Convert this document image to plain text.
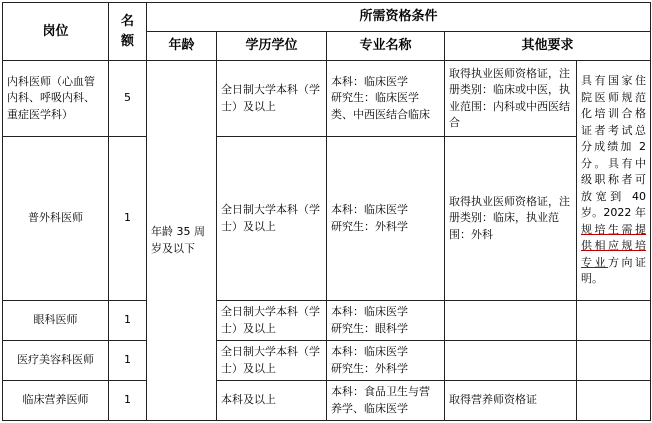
岗位	名额	所需资格条件				
		年龄	学历学位	专业名称	其他要求	
内科医师（心血管内科、呼吸内科、重症医学科）	5	年龄 35 周岁及以下	全日制大学本科（学士）及以上	本科：临床医学
研究生：临床医学类、中西医结合临床	取得执业医师资格证，注册类别：临床或中医，执业范围：内科或中西医结合	具有国家住院医师规范化培训合格证者考试总分成绩加 2 分。具有中级职称者可放宽到 40 岁。2022 年规培生需提供相应规培专业方向证明。
普外科医师	1		全日制大学本科（学士）及以上	本科：临床医学
研究生：外科学	取得执业医师资格证，注册类别：临床，执业范围：外科	
眼科医师	1		全日制大学本科（学士）及以上	本科：临床医学
研究生：眼科学		
医疗美容科医师	1		全日制大学本科（学士）及以上	本科：临床医学
研究生：外科学		
临床营养医师	1		本科及以上	本科：食品卫生与营养学、临床医学	取得营养师资格证	
